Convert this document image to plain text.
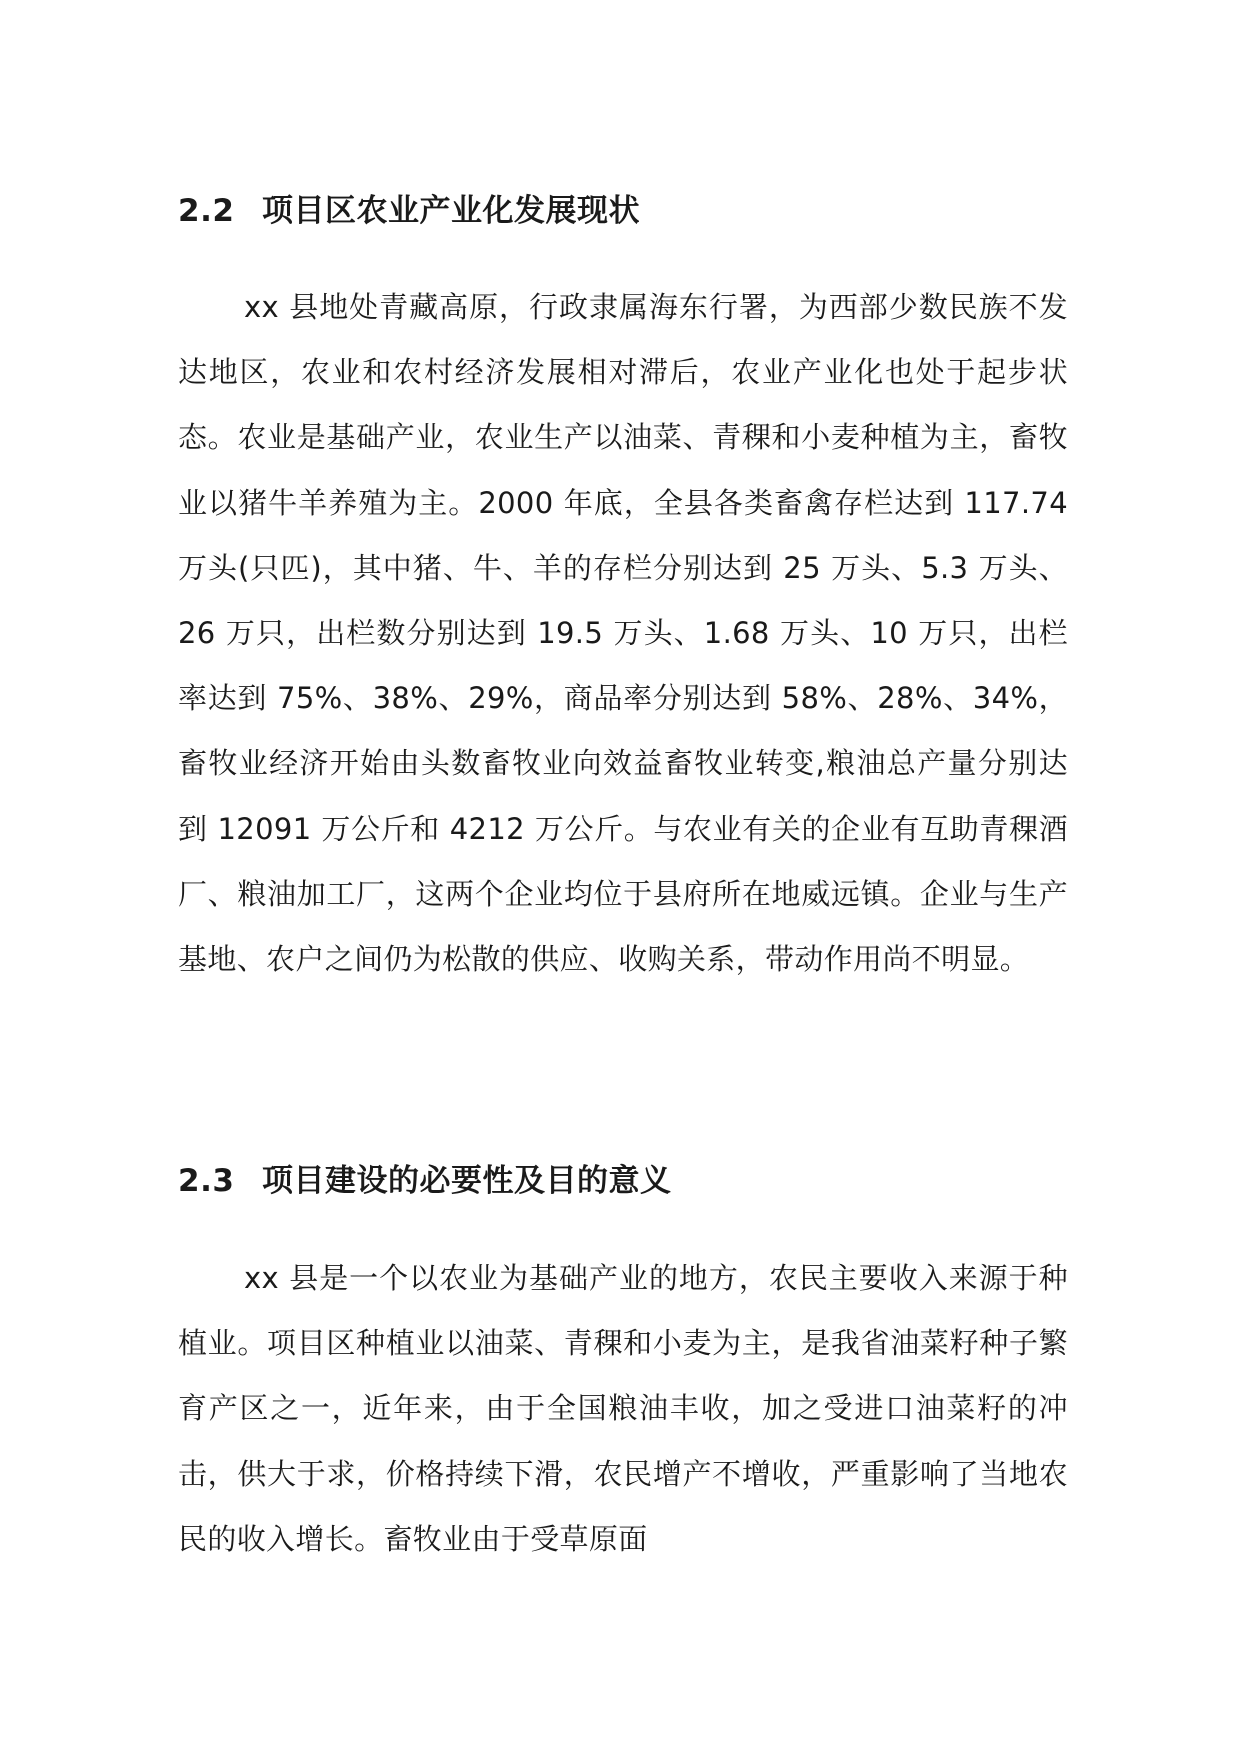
2.2 项目区农业产业化发展现状

xx 县地处青藏高原，行政隶属海东行署，为西部少数民族不发达地区，农业和农村经济发展相对滞后，农业产业化也处于起步状态。农业是基础产业，农业生产以油菜、青稞和小麦种植为主，畜牧业以猪牛羊养殖为主。2000 年底，全县各类畜禽存栏达到 117.74 万头(只匹)，其中猪、牛、羊的存栏分别达到 25 万头、5.3 万头、 26 万只，出栏数分别达到 19.5 万头、1.68 万头、10 万只，出栏率达到 75%、38%、29%，商品率分别达到 58%、28%、34%，畜牧业经济开始由头数畜牧业向效益畜牧业转变,粮油总产量分别达到 12091 万公斤和 4212 万公斤。与农业有关的企业有互助青稞酒厂、粮油加工厂，这两个企业均位于县府所在地威远镇。企业与生产基地、农户之间仍为松散的供应、收购关系，带动作用尚不明显。

2.3 项目建设的必要性及目的意义

xx 县是一个以农业为基础产业的地方，农民主要收入来源于种植业。项目区种植业以油菜、青稞和小麦为主，是我省油菜籽种子繁育产区之一，近年来，由于全国粮油丰收，加之受进口油菜籽的冲击，供大于求，价格持续下滑，农民增产不增收，严重影响了当地农民的收入增长。畜牧业由于受草原面
